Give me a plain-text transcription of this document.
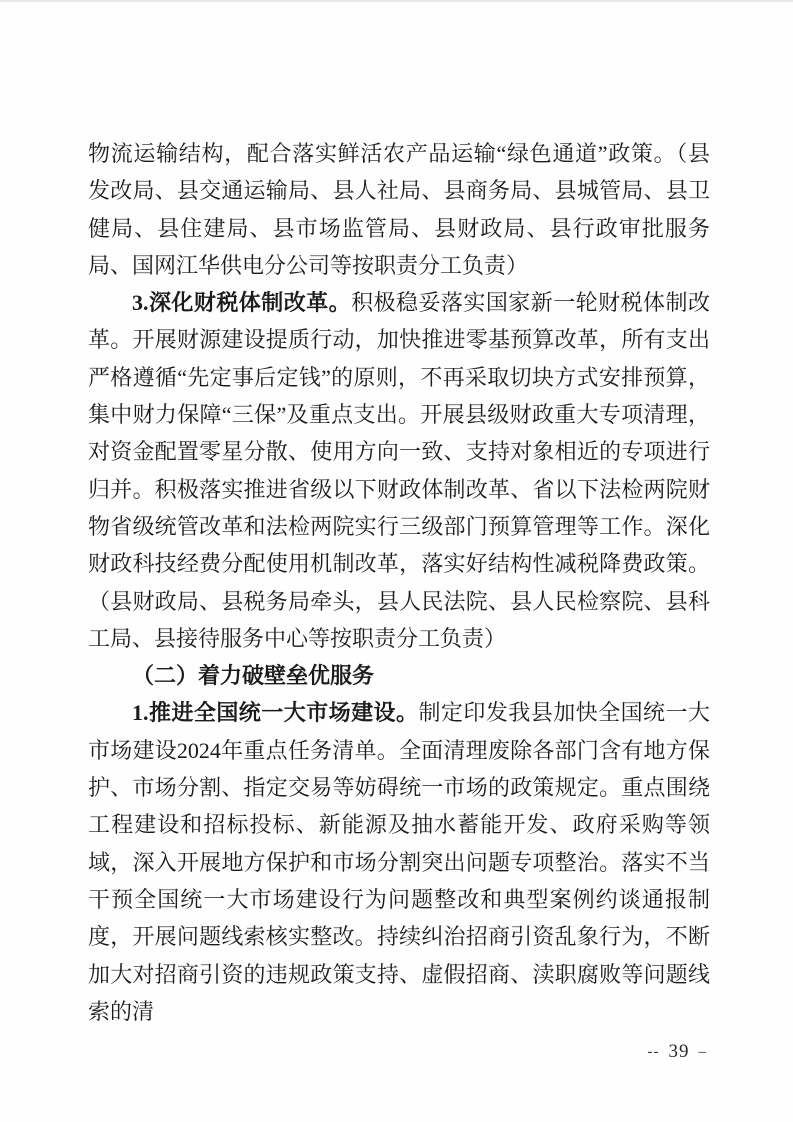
物流运输结构，配合落实鲜活农产品运输“绿色通道”政策。（县发改局、县交通运输局、县人社局、县商务局、县城管局、县卫健局、县住建局、县市场监管局、县财政局、县行政审批服务局、国网江华供电分公司等按职责分工负责）

3.深化财税体制改革。积极稳妥落实国家新一轮财税体制改革。开展财源建设提质行动，加快推进零基预算改革，所有支出严格遵循“先定事后定钱”的原则，不再采取切块方式安排预算，集中财力保障“三保”及重点支出。开展县级财政重大专项清理，对资金配置零星分散、使用方向一致、支持对象相近的专项进行归并。积极落实推进省级以下财政体制改革、省以下法检两院财物省级统管改革和法检两院实行三级部门预算管理等工作。深化财政科技经费分配使用机制改革，落实好结构性减税降费政策。（县财政局、县税务局牵头，县人民法院、县人民检察院、县科工局、县接待服务中心等按职责分工负责）

（二）着力破壁垒优服务

1.推进全国统一大市场建设。制定印发我县加快全国统一大市场建设2024年重点任务清单。全面清理废除各部门含有地方保护、市场分割、指定交易等妨碍统一市场的政策规定。重点围绕工程建设和招标投标、新能源及抽水蓄能开发、政府采购等领域，深入开展地方保护和市场分割突出问题专项整治。落实不当干预全国统一大市场建设行为问题整改和典型案例约谈通报制度，开展问题线索核实整改。持续纠治招商引资乱象行为，不断加大对招商引资的违规政策支持、虚假招商、渎职腐败等问题线索的清

-- 39 –
